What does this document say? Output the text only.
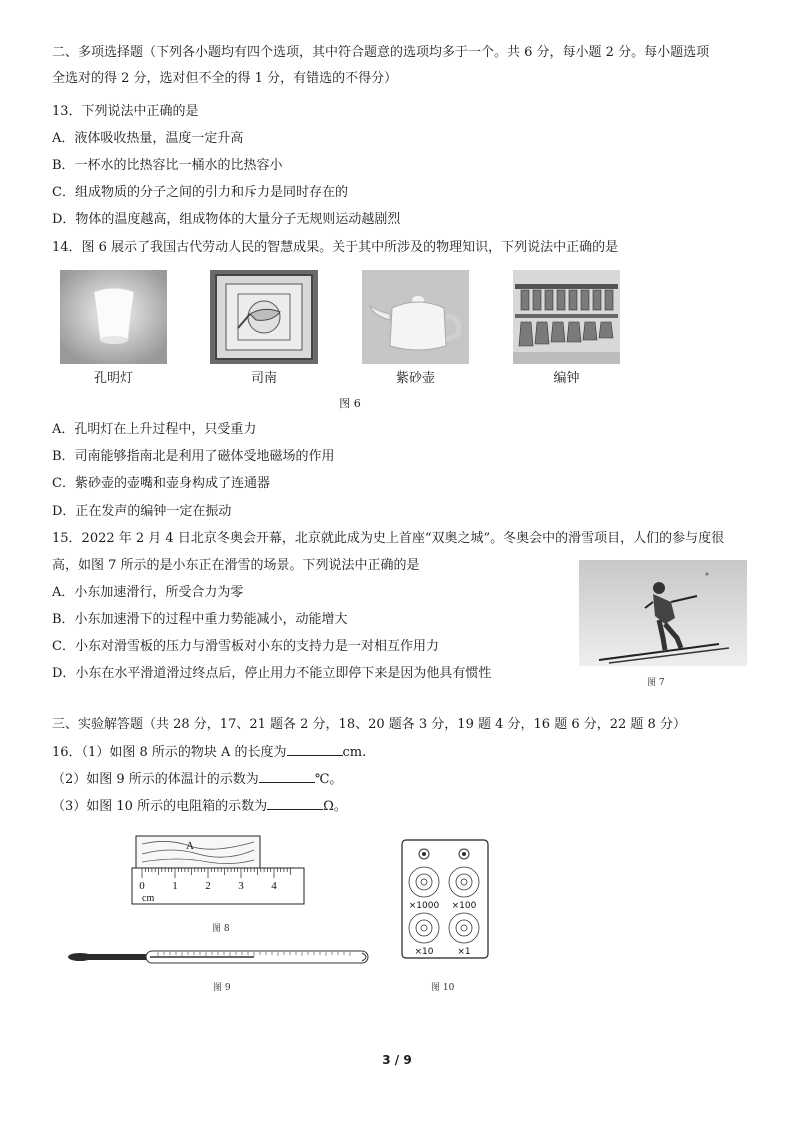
二、多项选择题（下列各小题均有四个选项，其中符合题意的选项均多于一个。共 6 分，每小题 2 分。每小题选项
全选对的得 2 分，选对但不全的得 1 分，有错选的不得分）
13．下列说法中正确的是
A．液体吸收热量，温度一定升高
B．一杯水的比热容比一桶水的比热容小
C．组成物质的分子之间的引力和斥力是同时存在的
D．物体的温度越高，组成物体的大量分子无规则运动越剧烈
14．图 6 展示了我国古代劳动人民的智慧成果。关于其中所涉及的物理知识，下列说法中正确的是
孔明灯	司南	紫砂壶	编钟
图 6
A．孔明灯在上升过程中，只受重力
B．司南能够指南北是利用了磁体受地磁场的作用
C．紫砂壶的壶嘴和壶身构成了连通器
D．正在发声的编钟一定在振动
15．2022 年 2 月 4 日北京冬奥会开幕，北京就此成为史上首座“双奥之城”。冬奥会中的滑雪项目，人们的参与度很
高，如图 7 所示的是小东正在滑雪的场景。下列说法中正确的是
A．小东加速滑行，所受合力为零
B．小东加速滑下的过程中重力势能减小，动能增大
C．小东对滑雪板的压力与滑雪板对小东的支持力是一对相互作用力
D．小东在水平滑道滑过终点后，停止用力不能立即停下来是因为他具有惯性
图 7
三、实验解答题（共 28 分，17、21 题各 2 分，18、20 题各 3 分，19 题 4 分，16 题 6 分，22 题 8 分）
16．（1）如图 8 所示的物块 A 的长度为	cm.
（2）如图 9 所示的体温计的示数为	℃。
（3）如图 10 所示的电阻箱的示数为	Ω。
A
0	1	2	3	4
cm
图 8
图 9
×1000 ×100
×10	×1
图 10
3 / 9
